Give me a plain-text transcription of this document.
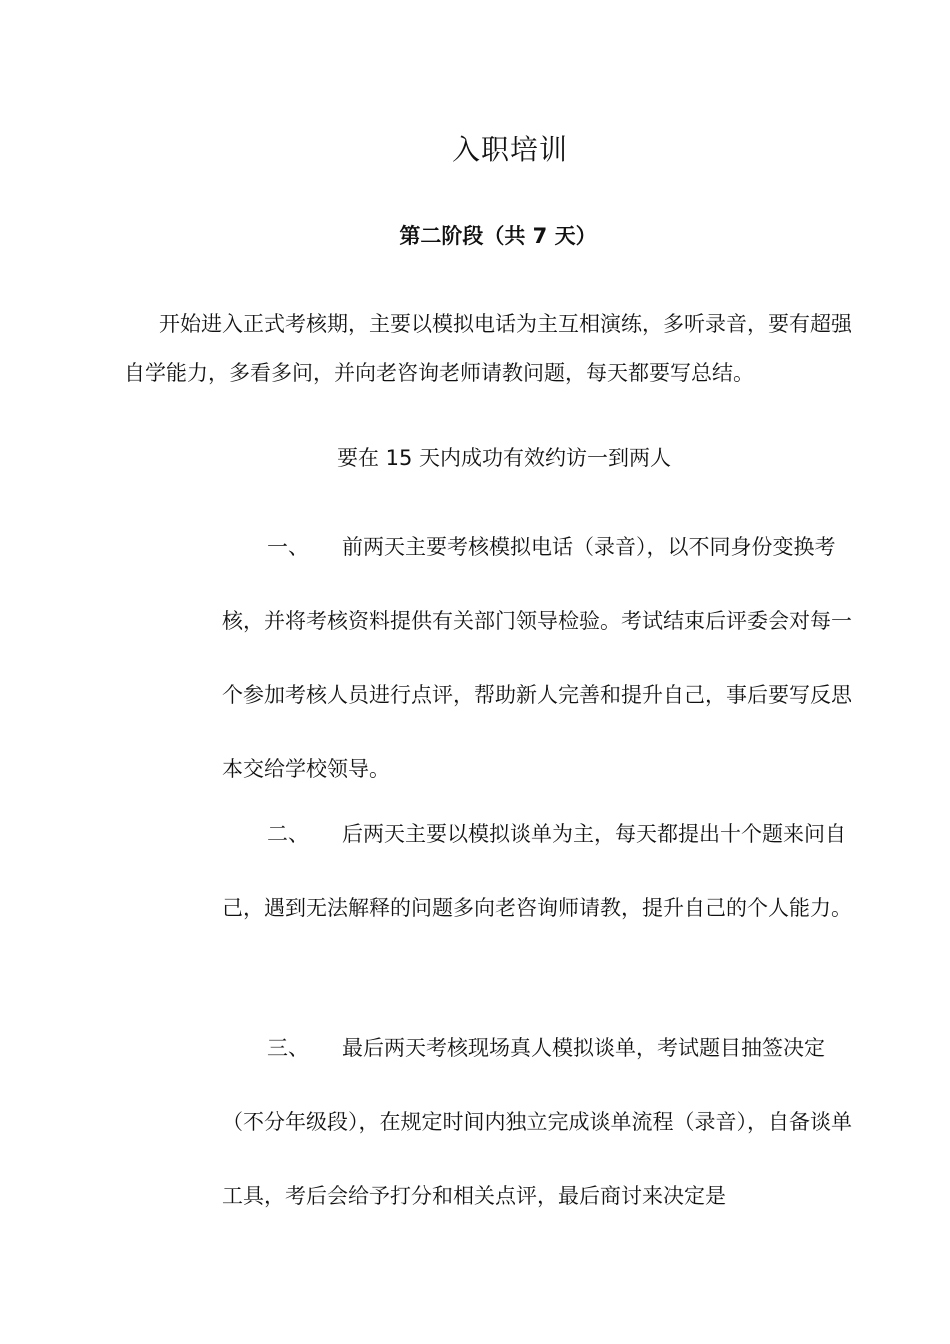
入职培训
第二阶段（共 7 天）

开始进入正式考核期，主要以模拟电话为主互相演练，多听录音，要有超强自学能力，多看多问，并向老咨询老师请教问题，每天都要写总结。

要在 15 天内成功有效约访一到两人

一、 前两天主要考核模拟电话（录音），以不同身份变换考核，并将考核资料提供有关部门领导检验。考试结束后评委会对每一个参加考核人员进行点评，帮助新人完善和提升自己，事后要写反思本交给学校领导。

二、 后两天主要以模拟谈单为主，每天都提出十个题来问自己，遇到无法解释的问题多向老咨询师请教，提升自己的个人能力。

三、 最后两天考核现场真人模拟谈单，考试题目抽签决定（不分年级段），在规定时间内独立完成谈单流程（录音），自备谈单工具，考后会给予打分和相关点评，最后商讨来决定是
